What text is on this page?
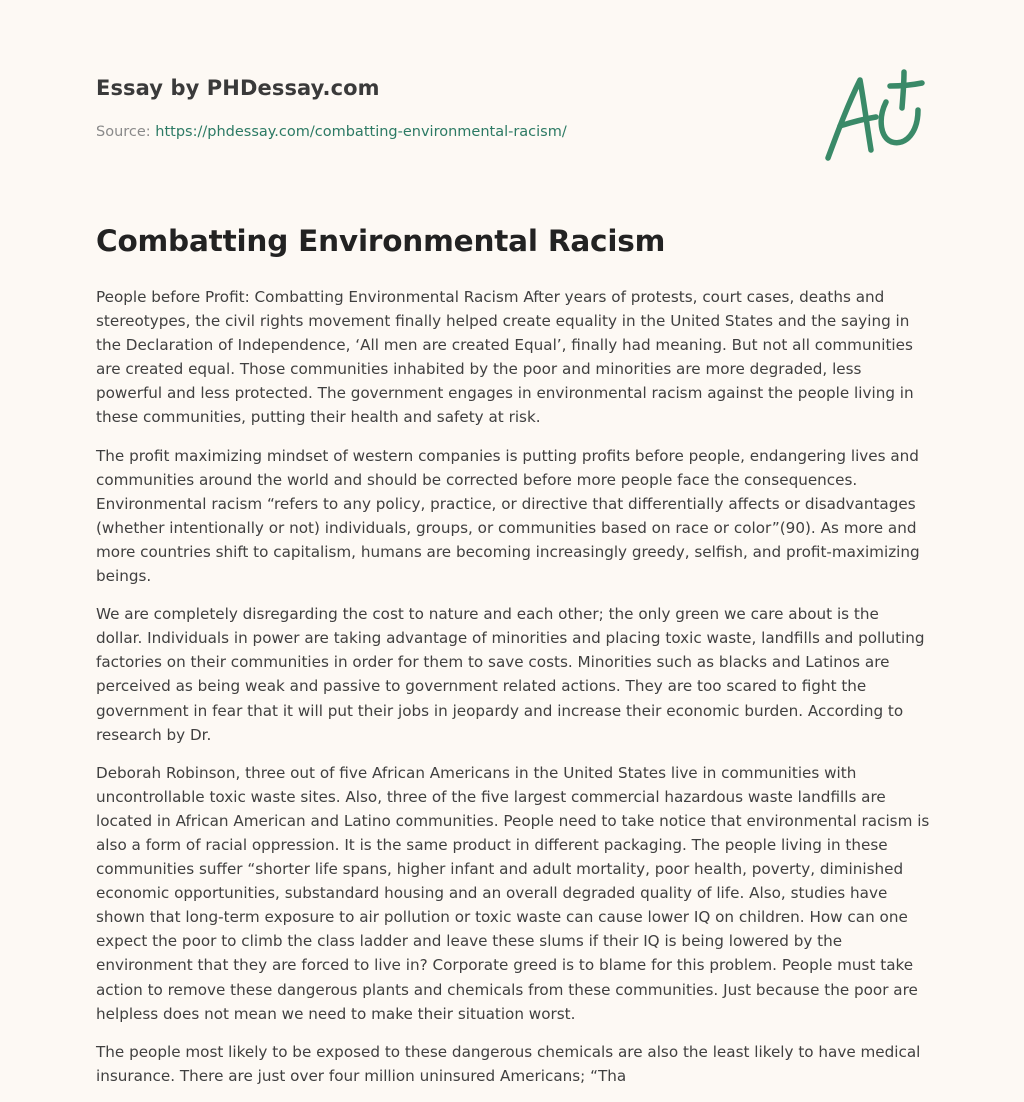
Essay by PHDessay.com
Source: https://phdessay.com/combatting-environmental-racism/
Combatting Environmental Racism

People before Profit: Combatting Environmental Racism After years of protests, court cases, deaths and stereotypes, the civil rights movement finally helped create equality in the United States and the saying in the Declaration of Independence, ‘All men are created Equal’, finally had meaning. But not all communities are created equal. Those communities inhabited by the poor and minorities are more degraded, less powerful and less protected. The government engages in environmental racism against the people living in these communities, putting their health and safety at risk.

The profit maximizing mindset of western companies is putting profits before people, endangering lives and communities around the world and should be corrected before more people face the consequences. Environmental racism “refers to any policy, practice, or directive that differentially affects or disadvantages (whether intentionally or not) individuals, groups, or communities based on race or color”(90). As more and more countries shift to capitalism, humans are becoming increasingly greedy, selfish, and profit-maximizing beings.

We are completely disregarding the cost to nature and each other; the only green we care about is the dollar. Individuals in power are taking advantage of minorities and placing toxic waste, landfills and polluting factories on their communities in order for them to save costs. Minorities such as blacks and Latinos are perceived as being weak and passive to government related actions. They are too scared to fight the government in fear that it will put their jobs in jeopardy and increase their economic burden. According to research by Dr.

Deborah Robinson, three out of five African Americans in the United States live in communities with uncontrollable toxic waste sites. Also, three of the five largest commercial hazardous waste landfills are located in African American and Latino communities. People need to take notice that environmental racism is also a form of racial oppression. It is the same product in different packaging. The people living in these communities suffer “shorter life spans, higher infant and adult mortality, poor health, poverty, diminished economic opportunities, substandard housing and an overall degraded quality of life. Also, studies have shown that long-term exposure to air pollution or toxic waste can cause lower IQ on children. How can one expect the poor to climb the class ladder and leave these slums if their IQ is being lowered by the environment that they are forced to live in? Corporate greed is to blame for this problem. People must take action to remove these dangerous plants and chemicals from these communities. Just because the poor are helpless does not mean we need to make their situation worst.

The people most likely to be exposed to these dangerous chemicals are also the least likely to have medical insurance. There are just over four million uninsured Americans; “Tha
